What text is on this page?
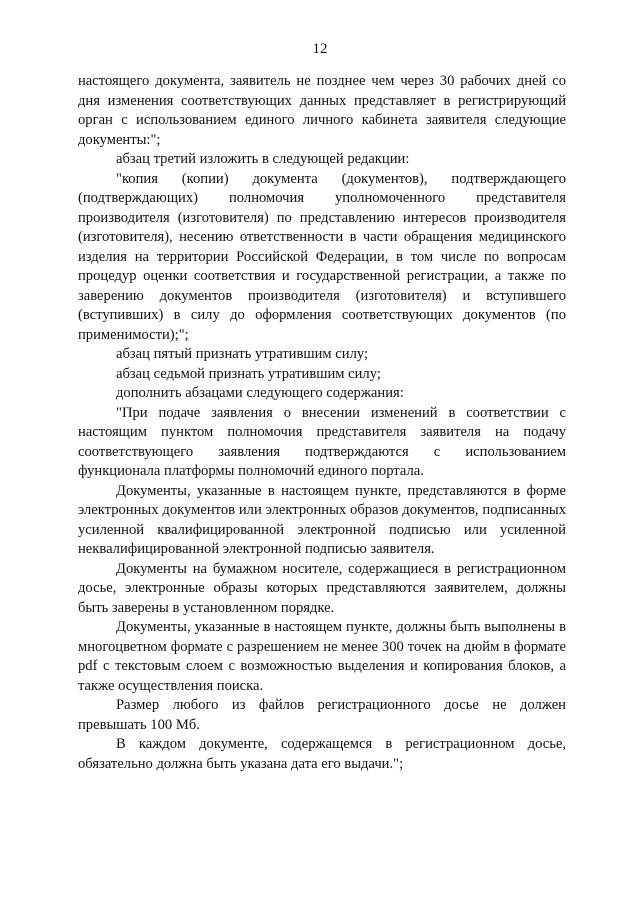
12

настоящего документа, заявитель не позднее чем через 30 рабочих дней со дня изменения соответствующих данных представляет в регистрирующий орган с использованием единого личного кабинета заявителя следующие документы:";

абзац третий изложить в следующей редакции:

"копия (копии) документа (документов), подтверждающего (подтверждающих) полномочия уполномоченного представителя производителя (изготовителя) по представлению интересов производителя (изготовителя), несению ответственности в части обращения медицинского изделия на территории Российской Федерации, в том числе по вопросам процедур оценки соответствия и государственной регистрации, а также по заверению документов производителя (изготовителя) и вступившего (вступивших) в силу до оформления соответствующих документов (по применимости);";

абзац пятый признать утратившим силу;

абзац седьмой признать утратившим силу;

дополнить абзацами следующего содержания:

"При подаче заявления о внесении изменений в соответствии с настоящим пунктом полномочия представителя заявителя на подачу соответствующего заявления подтверждаются с использованием функционала платформы полномочий единого портала.

Документы, указанные в настоящем пункте, представляются в форме электронных документов или электронных образов документов, подписанных усиленной квалифицированной электронной подписью или усиленной неквалифицированной электронной подписью заявителя.

Документы на бумажном носителе, содержащиеся в регистрационном досье, электронные образы которых представляются заявителем, должны быть заверены в установленном порядке.

Документы, указанные в настоящем пункте, должны быть выполнены в многоцветном формате с разрешением не менее 300 точек на дюйм в формате pdf с текстовым слоем с возможностью выделения и копирования блоков, а также осуществления поиска.

Размер любого из файлов регистрационного досье не должен превышать 100 Мб.

В каждом документе, содержащемся в регистрационном досье, обязательно должна быть указана дата его выдачи.";
